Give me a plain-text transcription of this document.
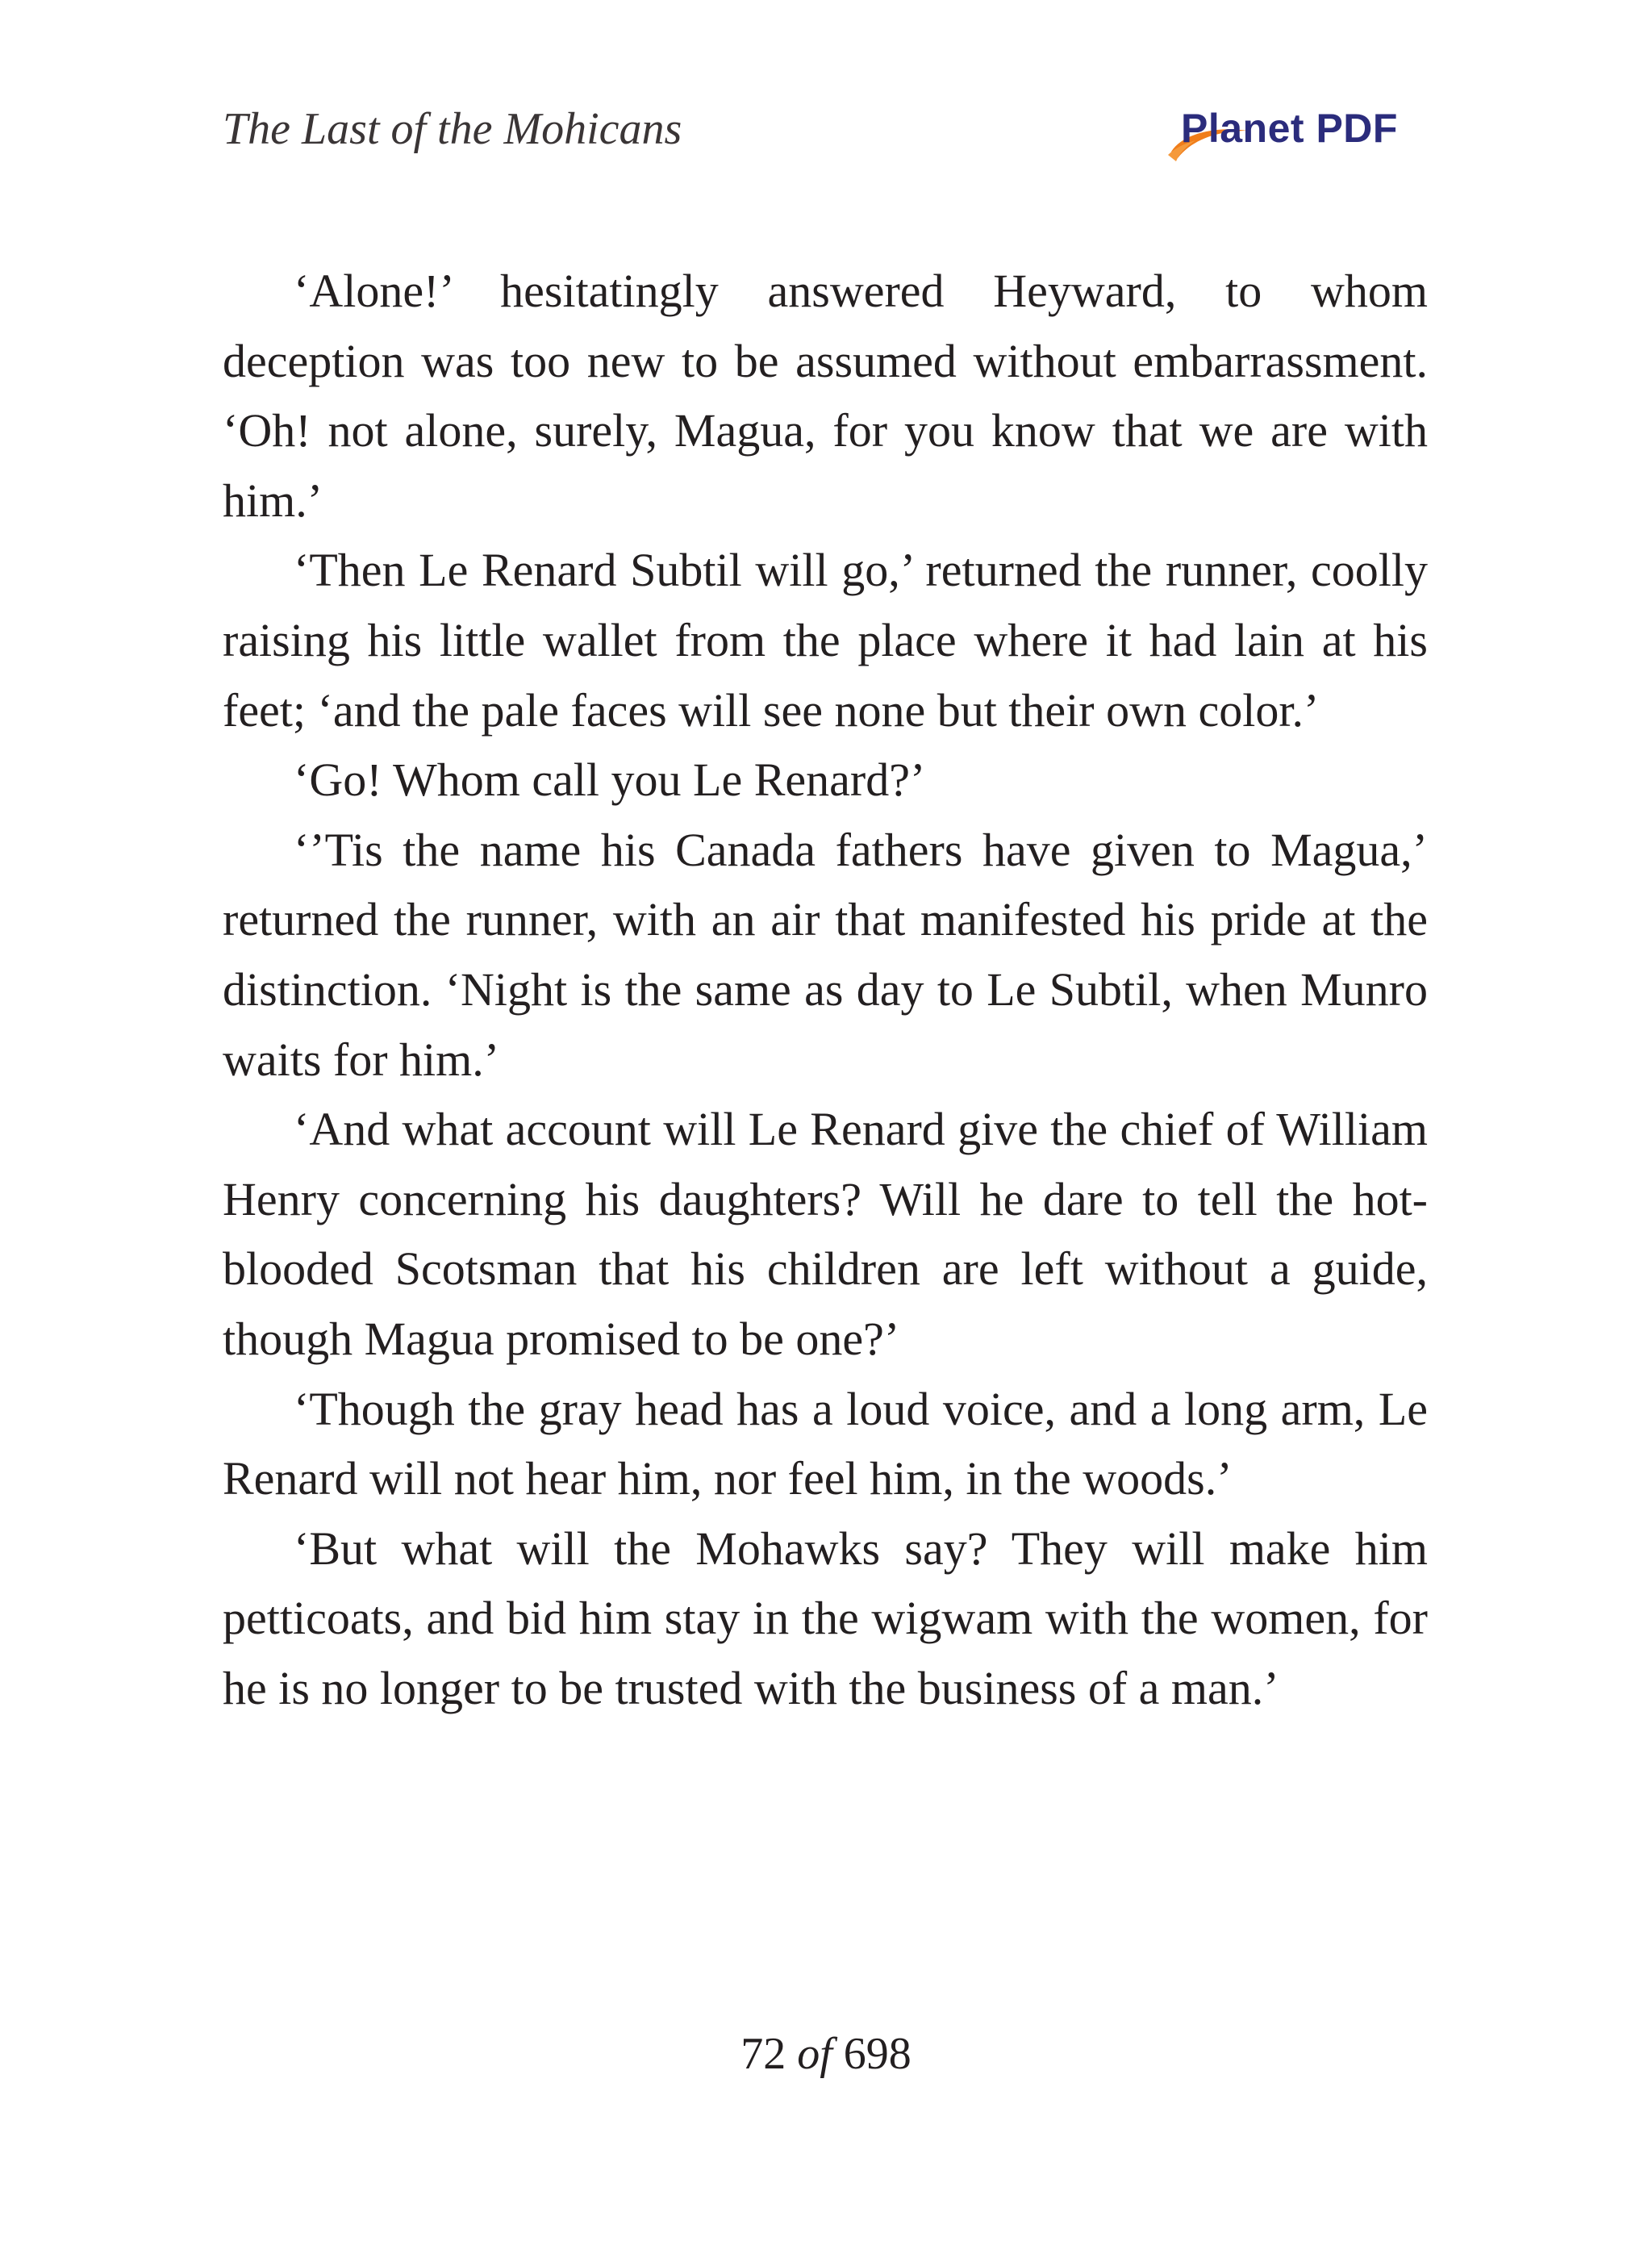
The Last of the Mohicans	Planet PDF

‘Alone!’ hesitatingly answered Heyward, to whom deception was too new to be assumed without embarrassment. ‘Oh! not alone, surely, Magua, for you know that we are with him.’

‘Then Le Renard Subtil will go,’ returned the runner, coolly raising his little wallet from the place where it had lain at his feet; ‘and the pale faces will see none but their own color.’

‘Go! Whom call you Le Renard?’

‘’Tis the name his Canada fathers have given to Magua,’ returned the runner, with an air that manifested his pride at the distinction. ‘Night is the same as day to Le Subtil, when Munro waits for him.’

‘And what account will Le Renard give the chief of William Henry concerning his daughters? Will he dare to tell the hot- blooded Scotsman that his children are left without a guide, though Magua promised to be one?’

‘Though the gray head has a loud voice, and a long arm, Le Renard will not hear him, nor feel him, in the woods.’

‘But what will the Mohawks say? They will make him petticoats, and bid him stay in the wigwam with the women, for he is no longer to be trusted with the business of a man.’

72 of 698
